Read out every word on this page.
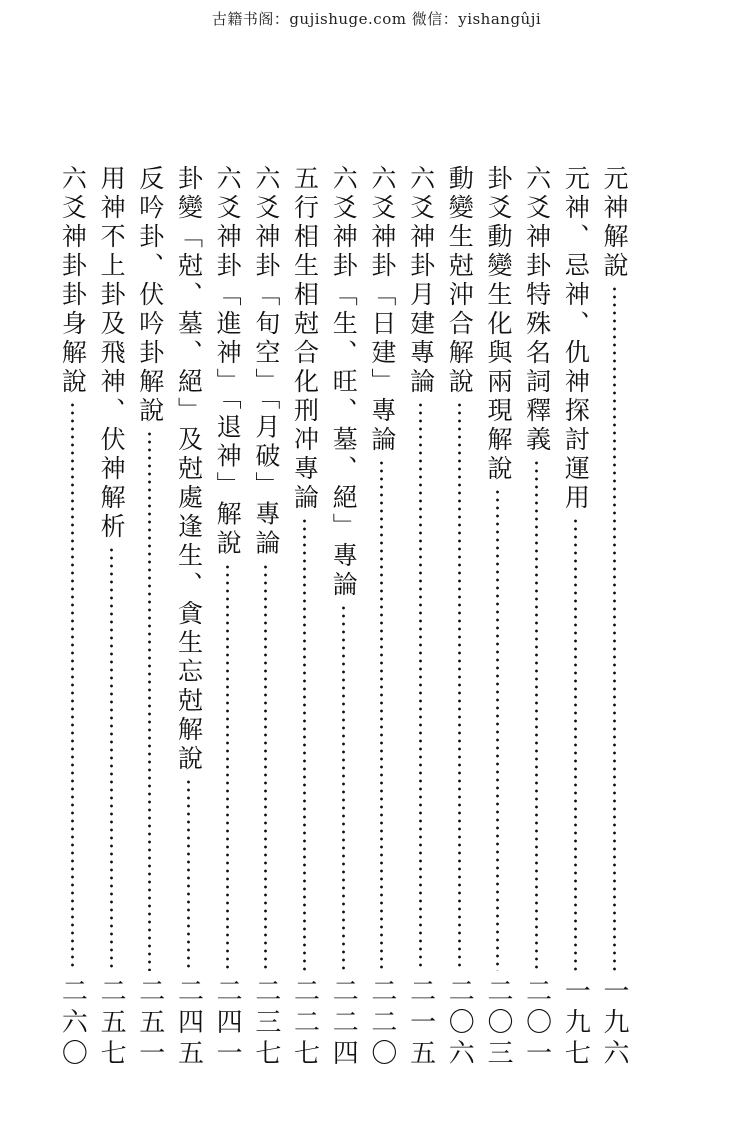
古籍书阁：gujishuge.com 微信：yishangûji
元神解說
一九六
元神、忌神、仇神探討運用
一九七
六爻神卦特殊名詞釋義
二〇一
卦爻動變生化與兩現解說
二〇三
動變生尅沖合解說
二〇六
六爻神卦月建專論
二一五
六爻神卦「日建」專論
二二〇
六爻神卦「生、旺、墓、絕」專論
二二四
五行相生相尅合化刑冲專論
二二七
六爻神卦「旬空」「月破」專論
二三七
六爻神卦「進神」「退神」解說
二四一
卦變「尅、墓、絕」及尅處逢生、貪生忘尅解說
二四五
反吟卦、伏吟卦解說
二五一
用神不上卦及飛神、伏神解析
二五七
六爻神卦卦身解說
二六〇
